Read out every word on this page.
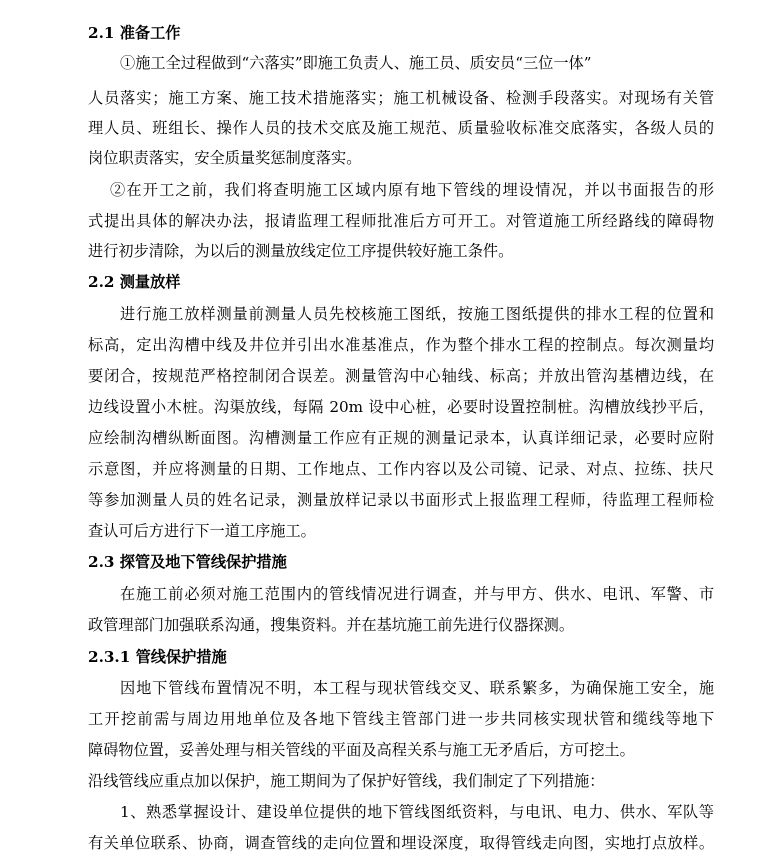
2.1 准备工作
①施工全过程做到“六落实”即施工负责人、施工员、质安员“三位一体”
人员落实；施工方案、施工技术措施落实；施工机械设备、检测手段落实。对现场有关管
理人员、班组长、操作人员的技术交底及施工规范、质量验收标准交底落实，各级人员的
岗位职责落实，安全质量奖惩制度落实。
②在开工之前，我们将查明施工区域内原有地下管线的埋设情况，并以书面报告的形
式提出具体的解决办法，报请监理工程师批准后方可开工。对管道施工所经路线的障碍物
进行初步清除，为以后的测量放线定位工序提供较好施工条件。
2.2 测量放样
进行施工放样测量前测量人员先校核施工图纸，按施工图纸提供的排水工程的位置和
标高，定出沟槽中线及井位并引出水准基准点，作为整个排水工程的控制点。每次测量均
要闭合，按规范严格控制闭合误差。测量管沟中心轴线、标高；并放出管沟基槽边线，在
边线设置小木桩。沟渠放线，每隔 20m 设中心桩，必要时设置控制桩。沟槽放线抄平后，
应绘制沟槽纵断面图。沟槽测量工作应有正规的测量记录本，认真详细记录，必要时应附
示意图，并应将测量的日期、工作地点、工作内容以及公司镜、记录、对点、拉练、扶尺
等参加测量人员的姓名记录，测量放样记录以书面形式上报监理工程师，待监理工程师检
查认可后方进行下一道工序施工。
2.3 探管及地下管线保护措施
在施工前必须对施工范围内的管线情况进行调查，并与甲方、供水、电讯、军警、市
政管理部门加强联系沟通，搜集资料。并在基坑施工前先进行仪器探测。
2.3.1 管线保护措施
因地下管线布置情况不明，本工程与现状管线交叉、联系繁多，为确保施工安全，施
工开挖前需与周边用地单位及各地下管线主管部门进一步共同核实现状管和缆线等地下
障碍物位置，妥善处理与相关管线的平面及高程关系与施工无矛盾后，方可挖土。
沿线管线应重点加以保护，施工期间为了保护好管线，我们制定了下列措施：
1、熟悉掌握设计、建设单位提供的地下管线图纸资料，与电讯、电力、供水、军队等
有关单位联系、协商，调查管线的走向位置和埋设深度，取得管线走向图，实地打点放样。
